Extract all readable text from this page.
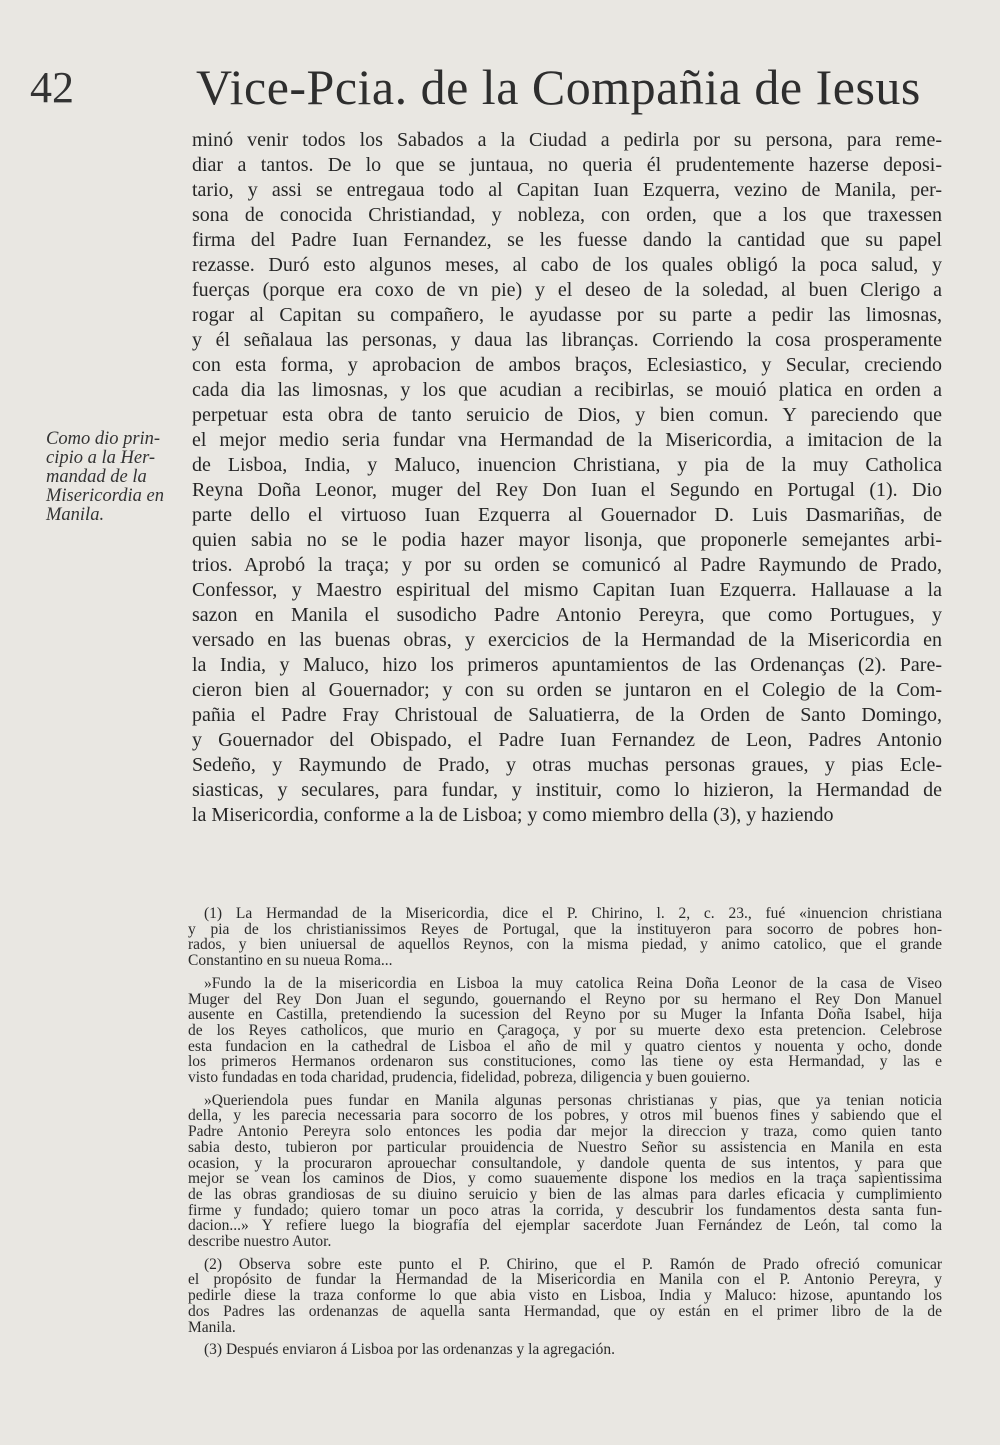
42 Vice-Pcia. de la Compañia de Iesus
Como dio prin-
cipio a la Her-
mandad de la
Misericordia en
Manila.
minó venir todos los Sabados a la Ciudad a pedirla por su persona, para reme-
diar a tantos. De lo que se juntaua, no queria él prudentemente hazerse deposi-
tario, y assi se entregaua todo al Capitan Iuan Ezquerra, vezino de Manila, per-
sona de conocida Christiandad, y nobleza, con orden, que a los que traxessen
firma del Padre Iuan Fernandez, se les fuesse dando la cantidad que su papel
rezasse. Duró esto algunos meses, al cabo de los quales obligó la poca salud, y
fuerças (porque era coxo de vn pie) y el deseo de la soledad, al buen Clerigo a
rogar al Capitan su compañero, le ayudasse por su parte a pedir las limosnas,
y él señalaua las personas, y daua las libranças. Corriendo la cosa prosperamente
con esta forma, y aprobacion de ambos braços, Eclesiastico, y Secular, creciendo
cada dia las limosnas, y los que acudian a recibirlas, se mouió platica en orden a
perpetuar esta obra de tanto seruicio de Dios, y bien comun. Y pareciendo que
el mejor medio seria fundar vna Hermandad de la Misericordia, a imitacion de la
de Lisboa, India, y Maluco, inuencion Christiana, y pia de la muy Catholica
Reyna Doña Leonor, muger del Rey Don Iuan el Segundo en Portugal (1). Dio
parte dello el virtuoso Iuan Ezquerra al Gouernador D. Luis Dasmariñas, de
quien sabia no se le podia hazer mayor lisonja, que proponerle semejantes arbi-
trios. Aprobó la traça; y por su orden se comunicó al Padre Raymundo de Prado,
Confessor, y Maestro espiritual del mismo Capitan Iuan Ezquerra. Hallauase a la
sazon en Manila el susodicho Padre Antonio Pereyra, que como Portugues, y
versado en las buenas obras, y exercicios de la Hermandad de la Misericordia en
la India, y Maluco, hizo los primeros apuntamientos de las Ordenanças (2). Pare-
cieron bien al Gouernador; y con su orden se juntaron en el Colegio de la Com-
pañia el Padre Fray Christoual de Saluatierra, de la Orden de Santo Domingo,
y Gouernador del Obispado, el Padre Iuan Fernandez de Leon, Padres Antonio
Sedeño, y Raymundo de Prado, y otras muchas personas graues, y pias Ecle-
siasticas, y seculares, para fundar, y instituir, como lo hizieron, la Hermandad de
la Misericordia, conforme a la de Lisboa; y como miembro della (3), y haziendo
(1) La Hermandad de la Misericordia, dice el P. Chirino, l. 2, c. 23., fué «inuencion christiana
y pia de los christianissimos Reyes de Portugal, que la instituyeron para socorro de pobres hon-
rados, y bien uniuersal de aquellos Reynos, con la misma piedad, y animo catolico, que el grande
Constantino en su nueua Roma...
»Fundo la de la misericordia en Lisboa la muy catolica Reina Doña Leonor de la casa de Viseo
Muger del Rey Don Juan el segundo, gouernando el Reyno por su hermano el Rey Don Manuel
ausente en Castilla, pretendiendo la sucession del Reyno por su Muger la Infanta Doña Isabel, hija
de los Reyes catholicos, que murio en Çaragoça, y por su muerte dexo esta pretencion. Celebrose
esta fundacion en la cathedral de Lisboa el año de mil y quatro cientos y nouenta y ocho, donde
los primeros Hermanos ordenaron sus constituciones, como las tiene oy esta Hermandad, y las e
visto fundadas en toda charidad, prudencia, fidelidad, pobreza, diligencia y buen gouierno.
»Queriendola pues fundar en Manila algunas personas christianas y pias, que ya tenian noticia
della, y les parecia necessaria para socorro de los pobres, y otros mil buenos fines y sabiendo que el
Padre Antonio Pereyra solo entonces les podia dar mejor la direccion y traza, como quien tanto
sabia desto, tubieron por particular prouidencia de Nuestro Señor su assistencia en Manila en esta
ocasion, y la procuraron aprouechar consultandole, y dandole quenta de sus intentos, y para que
mejor se vean los caminos de Dios, y como suauemente dispone los medios en la traça sapientissima
de las obras grandiosas de su diuino seruicio y bien de las almas para darles eficacia y cumplimiento
firme y fundado; quiero tomar un poco atras la corrida, y descubrir los fundamentos desta santa fun-
dacion...» Y refiere luego la biografía del ejemplar sacerdote Juan Fernández de León, tal como la
describe nuestro Autor.
(2) Observa sobre este punto el P. Chirino, que el P. Ramón de Prado ofreció comunicar
el propósito de fundar la Hermandad de la Misericordia en Manila con el P. Antonio Pereyra, y
pedirle diese la traza conforme lo que abia visto en Lisboa, India y Maluco: hizose, apuntando los
dos Padres las ordenanzas de aquella santa Hermandad, que oy están en el primer libro de la de
Manila.
(3) Después enviaron á Lisboa por las ordenanzas y la agregación.
